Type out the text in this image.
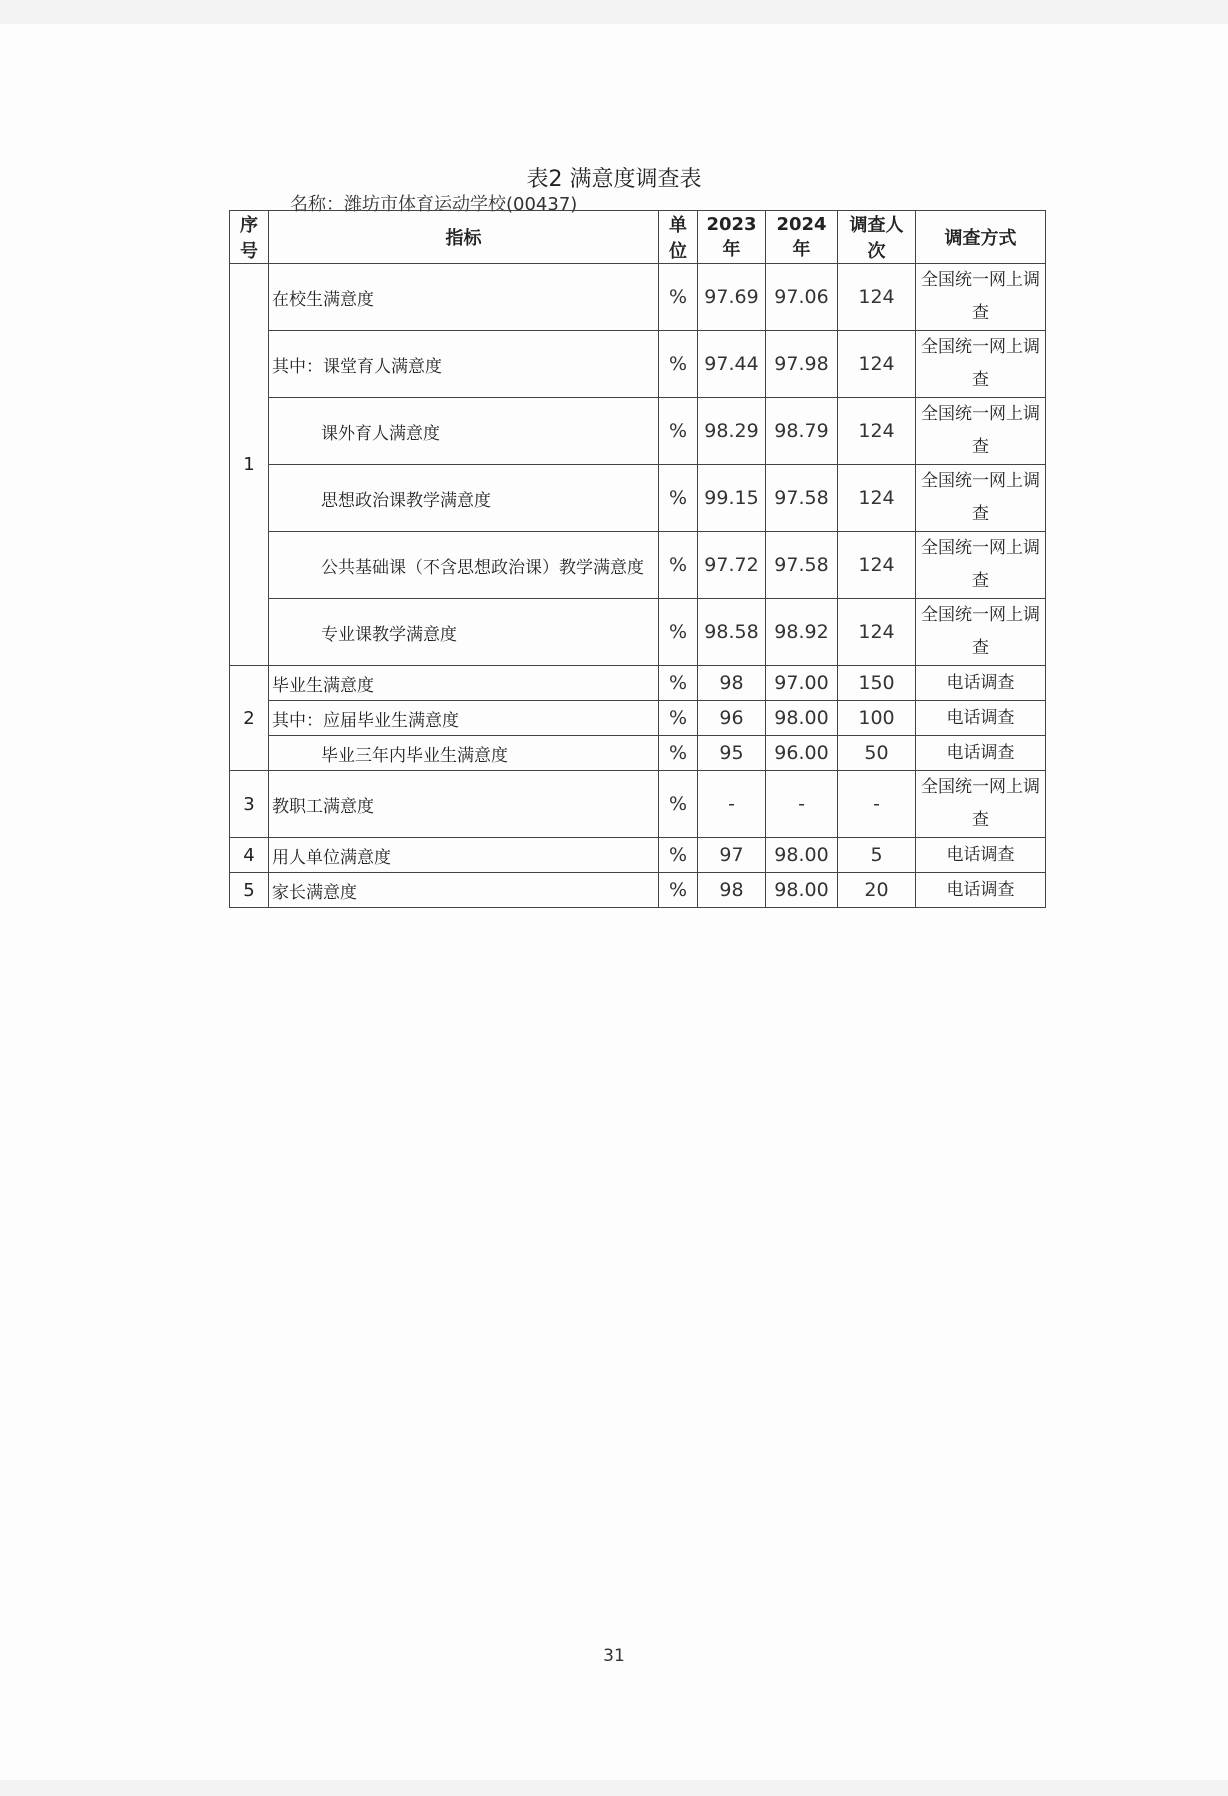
表2 满意度调查表
名称：潍坊市体育运动学校(00437)
序号	指标	单位	2023年	2024年	调查人次	调查方式
1	在校生满意度	%	97.69	97.06	124	全国统一网上调查
	其中：课堂育人满意度	%	97.44	97.98	124	全国统一网上调查
	课外育人满意度	%	98.29	98.79	124	全国统一网上调查
	思想政治课教学满意度	%	99.15	97.58	124	全国统一网上调查
	公共基础课（不含思想政治课）教学满意度	%	97.72	97.58	124	全国统一网上调查
	专业课教学满意度	%	98.58	98.92	124	全国统一网上调查
2	毕业生满意度	%	98	97.00	150	电话调查
	其中：应届毕业生满意度	%	96	98.00	100	电话调查
	毕业三年内毕业生满意度	%	95	96.00	50	电话调查
3	教职工满意度	%	-	-	-	全国统一网上调查
4	用人单位满意度	%	97	98.00	5	电话调查
5	家长满意度	%	98	98.00	20	电话调查
31
